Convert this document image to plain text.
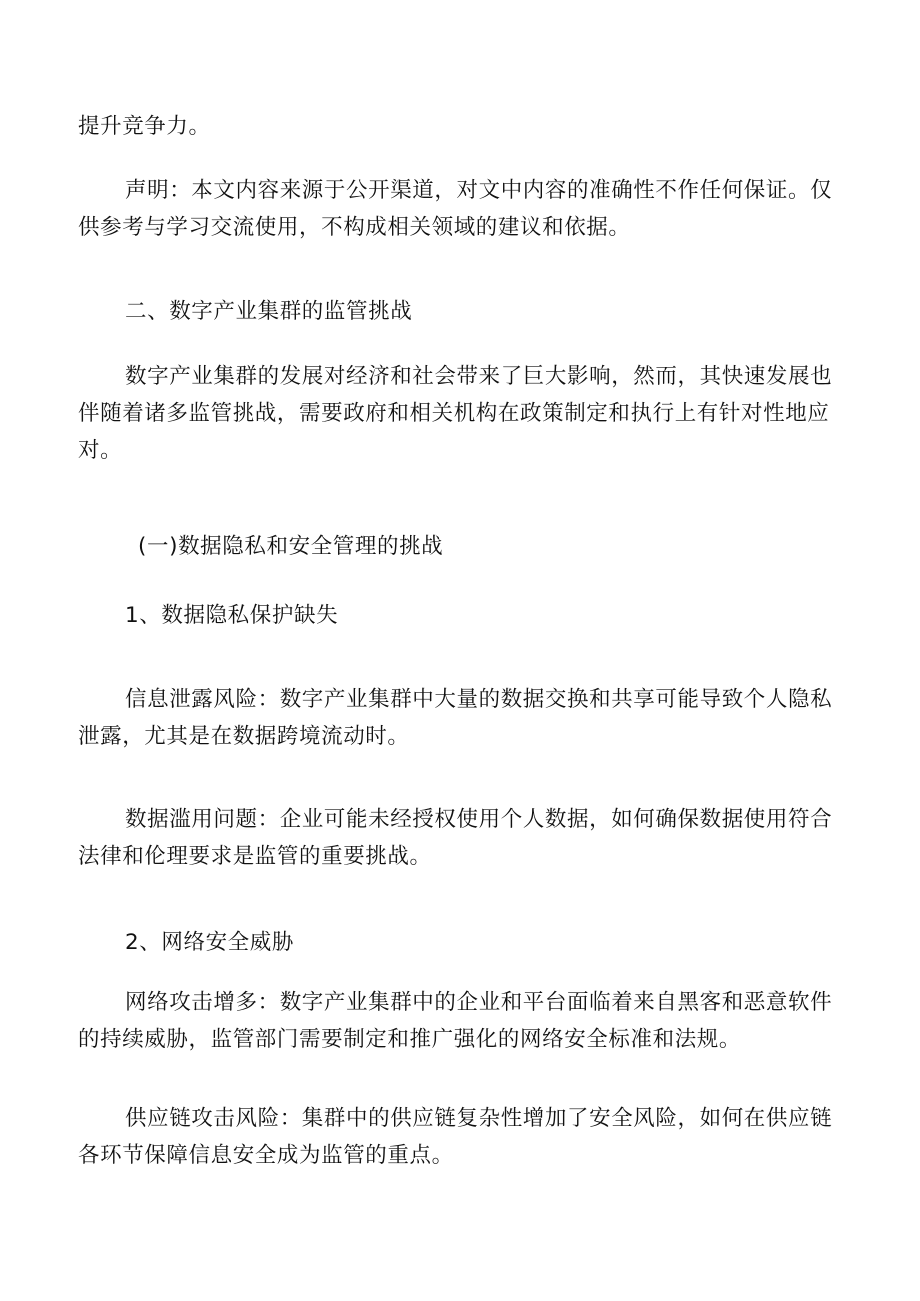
提升竞争力。

声明：本文内容来源于公开渠道，对文中内容的准确性不作任何保证。仅供参考与学习交流使用，不构成相关领域的建议和依据。

二、数字产业集群的监管挑战

数字产业集群的发展对经济和社会带来了巨大影响，然而，其快速发展也伴随着诸多监管挑战，需要政府和相关机构在政策制定和执行上有针对性地应对。

(一)数据隐私和安全管理的挑战

1、数据隐私保护缺失

信息泄露风险：数字产业集群中大量的数据交换和共享可能导致个人隐私泄露，尤其是在数据跨境流动时。

数据滥用问题：企业可能未经授权使用个人数据，如何确保数据使用符合法律和伦理要求是监管的重要挑战。

2、网络安全威胁

网络攻击增多：数字产业集群中的企业和平台面临着来自黑客和恶意软件的持续威胁，监管部门需要制定和推广强化的网络安全标准和法规。

供应链攻击风险：集群中的供应链复杂性增加了安全风险，如何在供应链各环节保障信息安全成为监管的重点。
